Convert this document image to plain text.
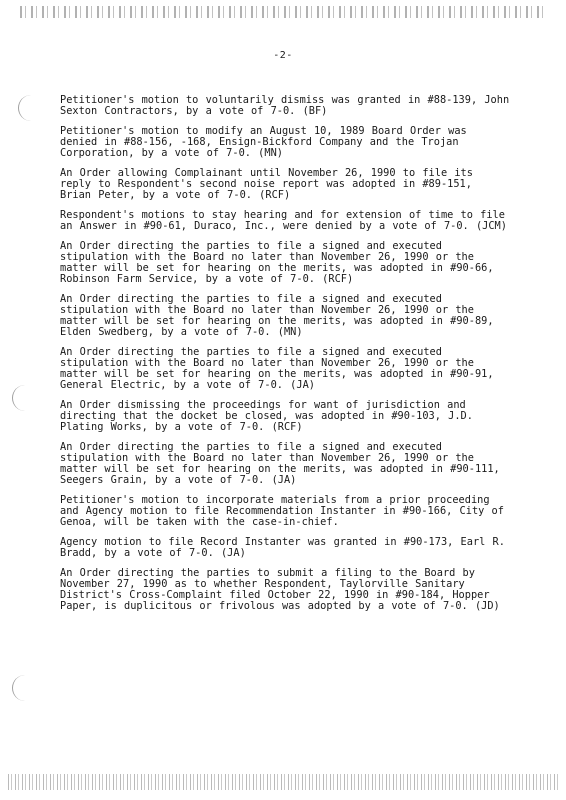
-2-

Petitioner's motion to voluntarily dismiss was granted in #88-139, John Sexton Contractors, by a vote of 7-0. (BF)

Petitioner's motion to modify an August 10, 1989 Board Order was denied in #88-156, -168, Ensign-Bickford Company and the Trojan Corporation, by a vote of 7-0. (MN)

An Order allowing Complainant until November 26, 1990 to file its reply to Respondent's second noise report was adopted in #89-151, Brian Peter, by a vote of 7-0. (RCF)

Respondent's motions to stay hearing and for extension of time to file an Answer in #90-61, Duraco, Inc., were denied by a vote of 7-0. (JCM)

An Order directing the parties to file a signed and executed stipulation with the Board no later than November 26, 1990 or the matter will be set for hearing on the merits, was adopted in #90-66, Robinson Farm Service, by a vote of 7-0. (RCF)

An Order directing the parties to file a signed and executed stipulation with the Board no later than November 26, 1990 or the matter will be set for hearing on the merits, was adopted in #90-89, Elden Swedberg, by a vote of 7-0. (MN)

An Order directing the parties to file a signed and executed stipulation with the Board no later than November 26, 1990 or the matter will be set for hearing on the merits, was adopted in #90-91, General Electric, by a vote of 7-0. (JA)

An Order dismissing the proceedings for want of jurisdiction and directing that the docket be closed, was adopted in #90-103, J.D. Plating Works, by a vote of 7-0. (RCF)

An Order directing the parties to file a signed and executed stipulation with the Board no later than November 26, 1990 or the matter will be set for hearing on the merits, was adopted in #90-111, Seegers Grain, by a vote of 7-0. (JA)

Petitioner's motion to incorporate materials from a prior proceeding and Agency motion to file Recommendation Instanter in #90-166, City of Genoa, will be taken with the case-in-chief.

Agency motion to file Record Instanter was granted in #90-173, Earl R. Bradd, by a vote of 7-0. (JA)

An Order directing the parties to submit a filing to the Board by November 27, 1990 as to whether Respondent, Taylorville Sanitary District's Cross-Complaint filed October 22, 1990 in #90-184, Hopper Paper, is duplicitous or frivolous was adopted by a vote of 7-0. (JD)
